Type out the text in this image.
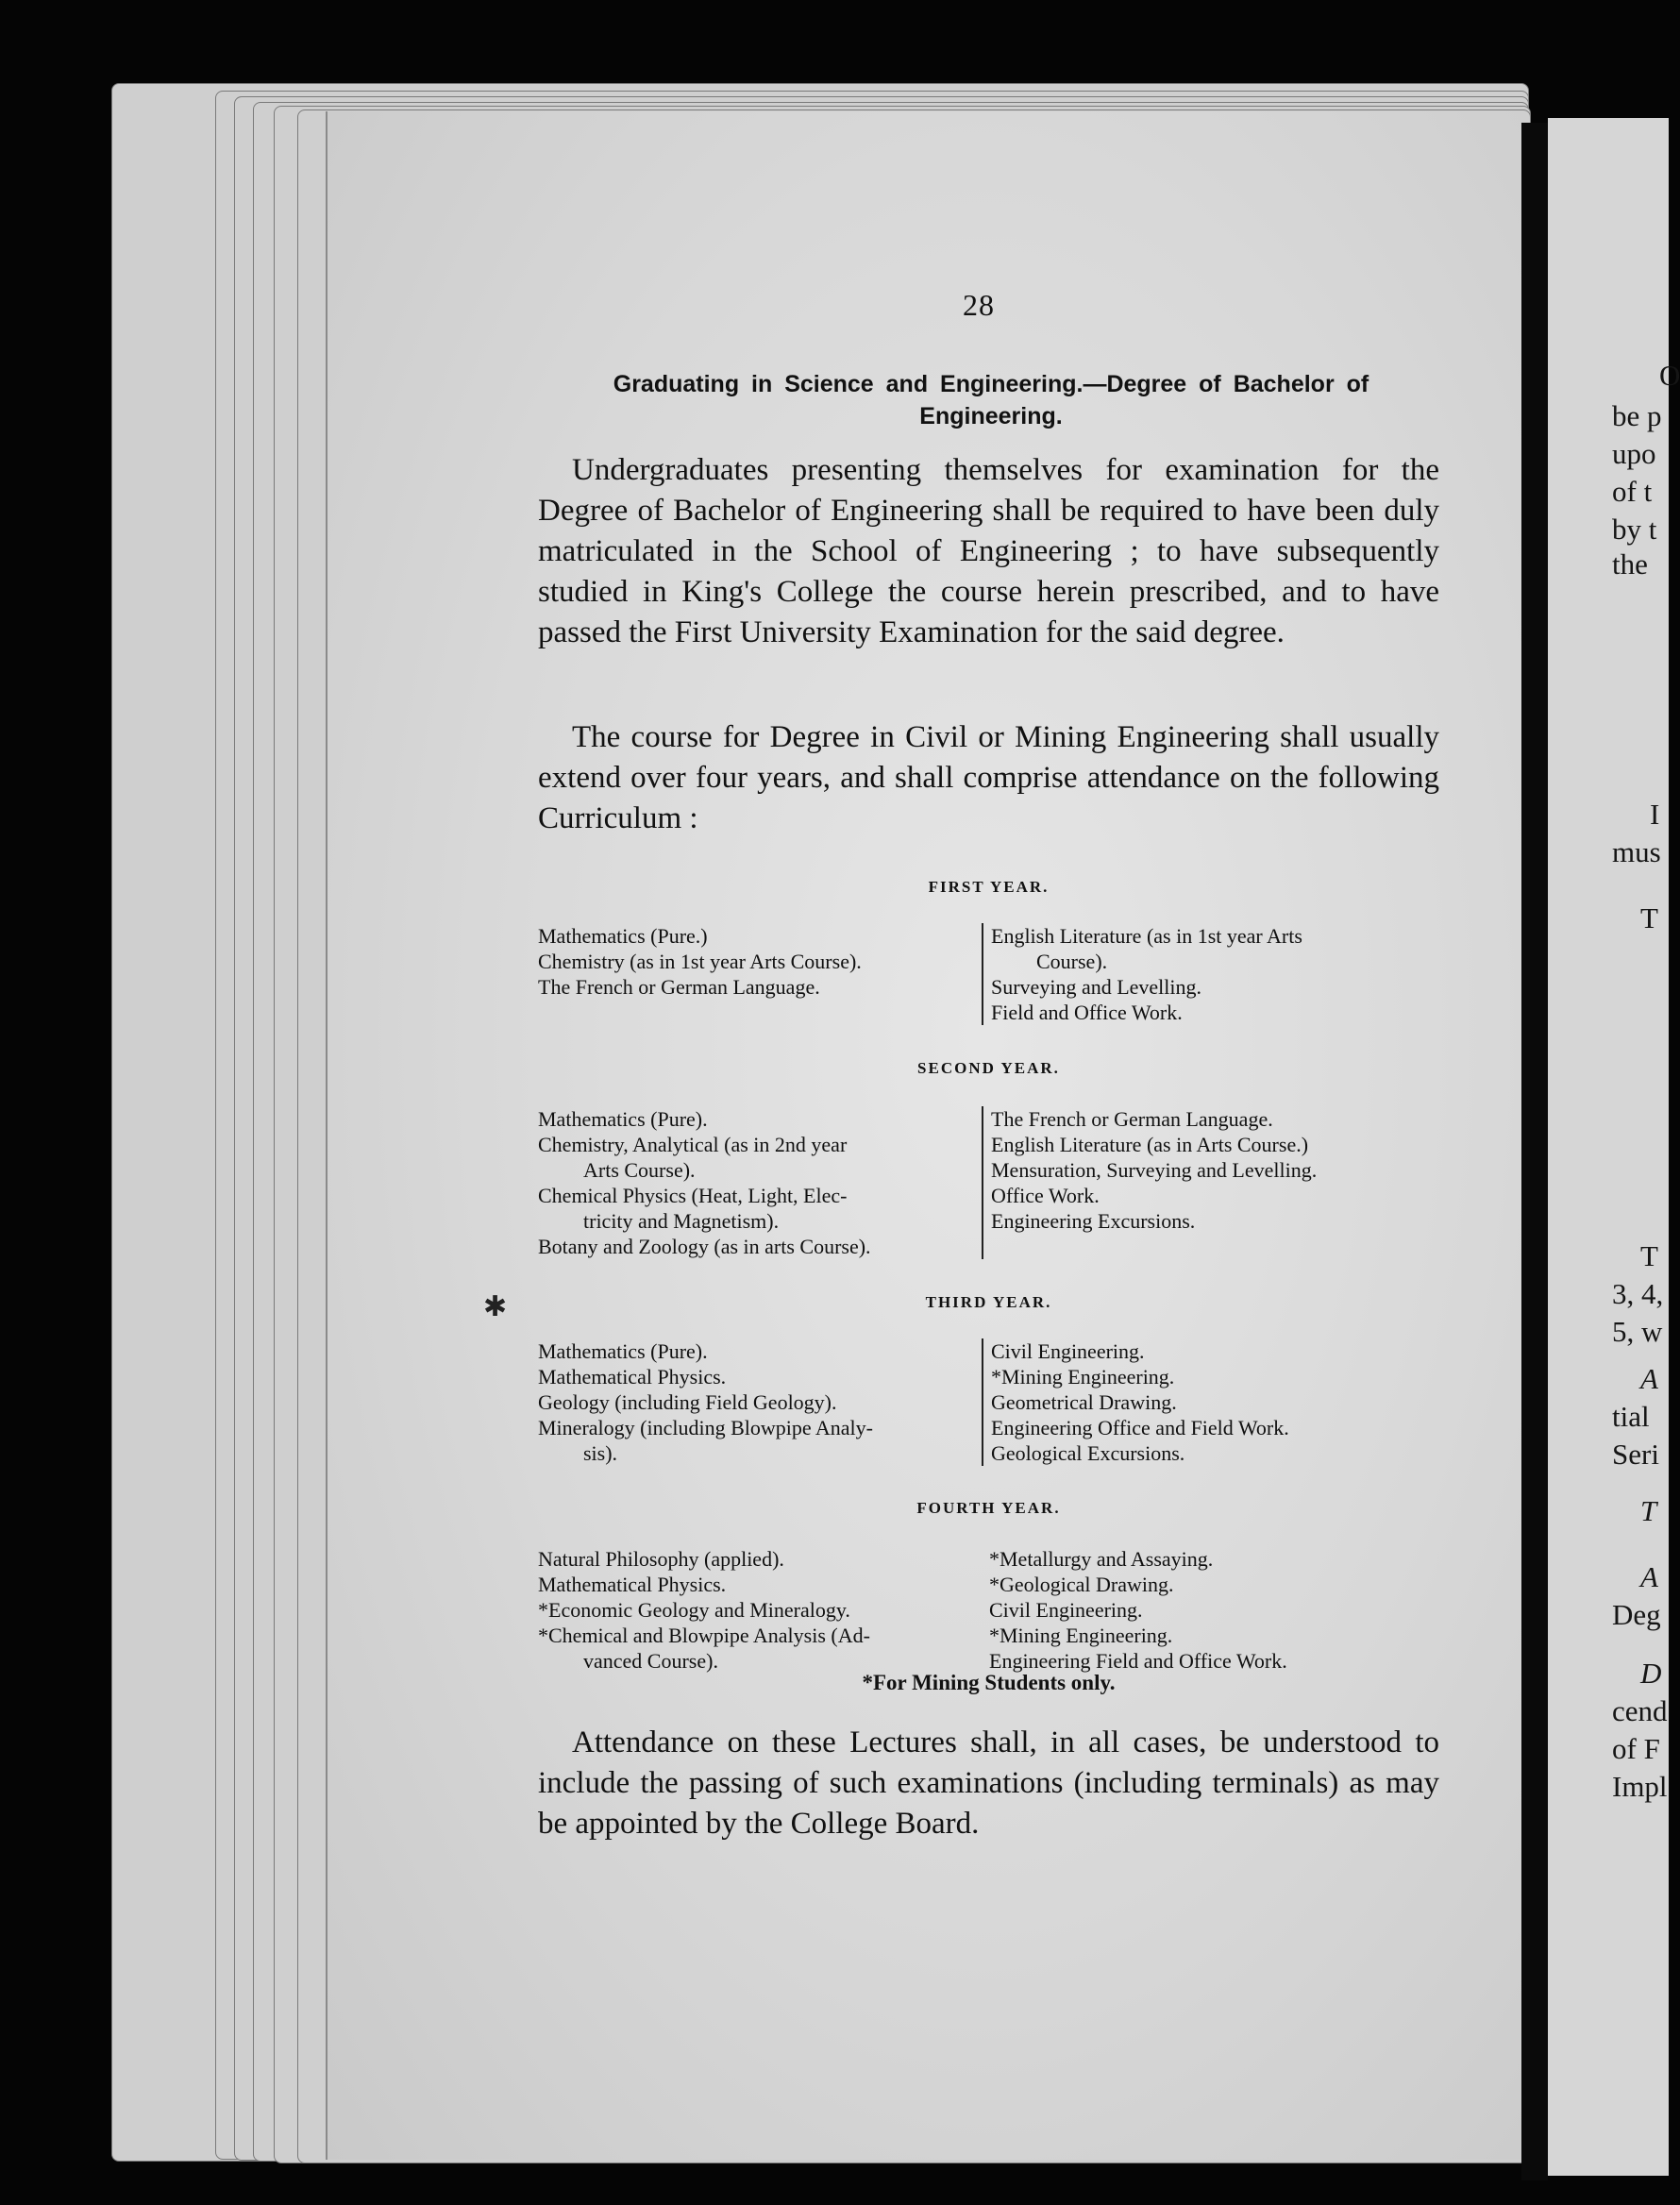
O
be p
upo
of t
by t
the
I
mus
T
T
3, 4,
5, w
A
tial
Seri
T
A
Deg
D
cend
of F
Impl
28
Graduating in Science and Engineering.—Degree of Bachelor of Engineering.

Undergraduates presenting themselves for examination for the Degree of Bachelor of Engineering shall be required to have been duly matriculated in the School of Engineering ; to have subsequently studied in King's College the course herein prescribed, and to have passed the First University Examination for the said degree.

The course for Degree in Civil or Mining Engineering shall usually extend over four years, and shall comprise attendance on the following Curriculum :

✱
FIRST YEAR.

Mathematics (Pure.)

Chemistry (as in 1st year Arts Course).

The French or German Language.

English Literature (as in 1st year Arts
Course).

Surveying and Levelling.

Field and Office Work.

SECOND YEAR.

Mathematics (Pure).

Chemistry, Analytical (as in 2nd year
Arts Course).

Chemical Physics (Heat, Light, Elec-
tricity and Magnetism).

Botany and Zoology (as in arts Course).

The French or German Language.

English Literature (as in Arts Course.)

Mensuration, Surveying and Levelling.

Office Work.

Engineering Excursions.

THIRD YEAR.

Mathematics (Pure).

Mathematical Physics.

Geology (including Field Geology).

Mineralogy (including Blowpipe Analy-
sis).

Civil Engineering.

*Mining Engineering.

Geometrical Drawing.

Engineering Office and Field Work.

Geological Excursions.

FOURTH YEAR.

Natural Philosophy (applied).

Mathematical Physics.

*Economic Geology and Mineralogy.

*Chemical and Blowpipe Analysis (Ad-
vanced Course).

*Metallurgy and Assaying.

*Geological Drawing.

Civil Engineering.

*Mining Engineering.

Engineering Field and Office Work.

*For Mining Students only.

Attendance on these Lectures shall, in all cases, be understood to include the passing of such examinations (including terminals) as may be appointed by the College Board.
